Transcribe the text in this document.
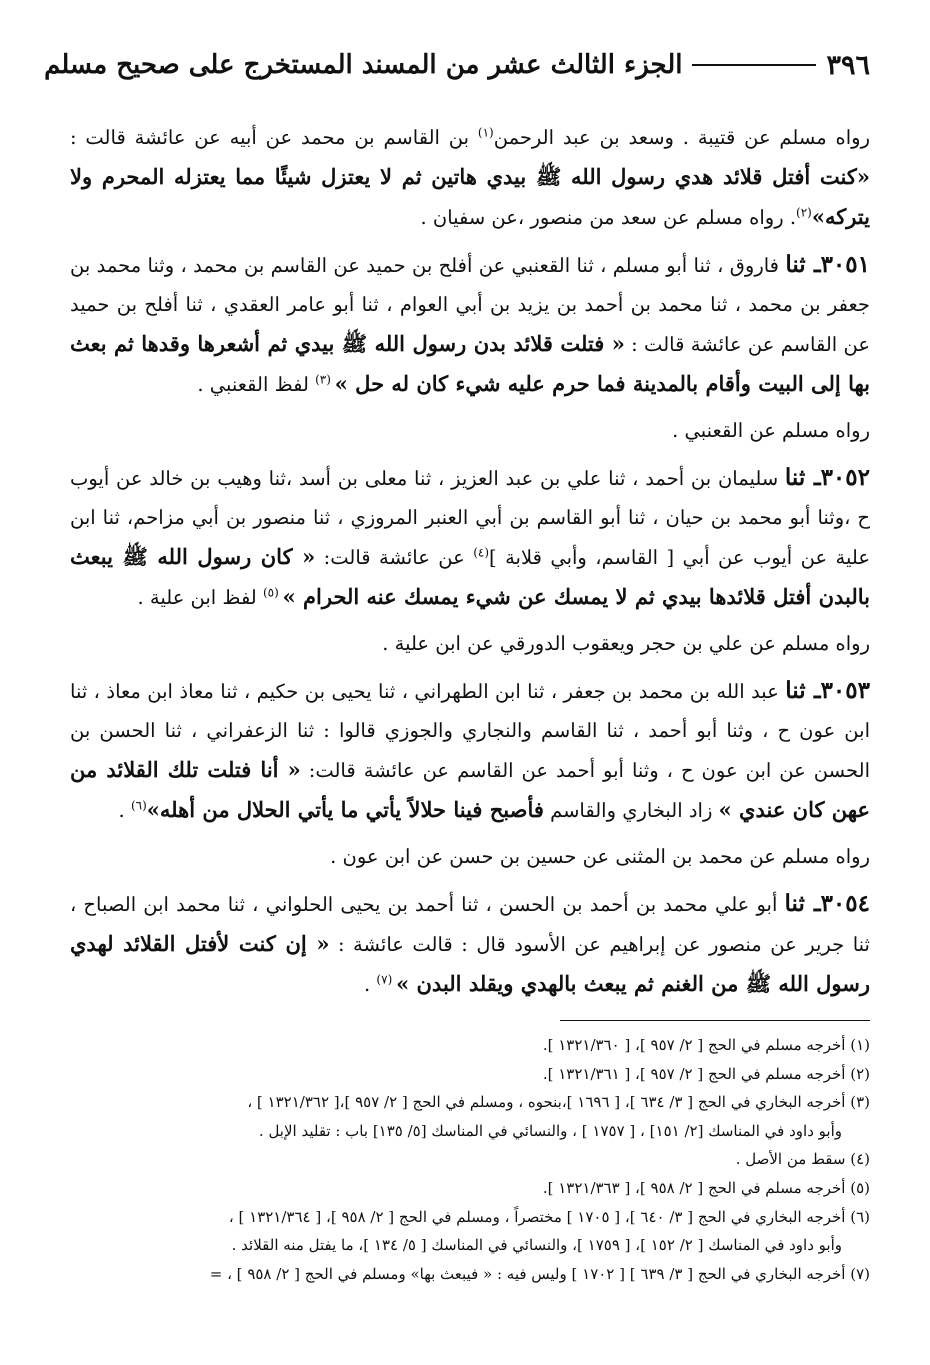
٣٩٦
الجزء الثالث عشر من المسند المستخرج على صحيح مسلم

رواه مسلم عن قتيبة . وسعد بن عبد الرحمن$^{(١)}$ بن القاسم بن محمد عن أبيه عن عائشة قالت : «كنت أفتل قلائد هدي رسول الله ﷺ بيدي هاتين ثم لا يعتزل شيئًا مما يعتزله المحرم ولا يتركه»$^{(٢)}$. رواه مسلم عن سعد من منصور ،عن سفيان .

٣٠٥١ـ ثنا فاروق ، ثنا أبو مسلم ، ثنا القعنبي عن أفلح بن حميد عن القاسم بن محمد ، وثنا محمد بن جعفر بن محمد ، ثنا محمد بن أحمد بن يزيد بن أبي العوام ، ثنا أبو عامر العقدي ، ثنا أفلح بن حميد عن القاسم عن عائشة قالت : « فتلت قلائد بدن رسول الله ﷺ بيدي ثم أشعرها وقدها ثم بعث بها إلى البيت وأقام بالمدينة فما حرم عليه شيء كان له حل » $^{(٣)}$ لفظ القعنبي .

رواه مسلم عن القعنبي .

٣٠٥٢ـ ثنا سليمان بن أحمد ، ثنا علي بن عبد العزيز ، ثنا معلى بن أسد ،ثنا وهيب بن خالد عن أيوب ح ،وثنا أبو محمد بن حيان ، ثنا أبو القاسم بن أبي العنبر المروزي ، ثنا منصور بن أبي مزاحم، ثنا ابن علية عن أيوب عن أبي [ القاسم، وأبي قلابة ]$^{(٤)}$ عن عائشة قالت: « كان رسول الله ﷺ يبعث بالبدن أفتل قلائدها بيدي ثم لا يمسك عن شيء يمسك عنه الحرام » $^{(٥)}$ لفظ ابن علية .

رواه مسلم عن علي بن حجر ويعقوب الدورقي عن ابن علية .

٣٠٥٣ـ ثنا عبد الله بن محمد بن جعفر ، ثنا ابن الطهراني ، ثنا يحيى بن حكيم ، ثنا معاذ ابن معاذ ، ثنا ابن عون ح ، وثنا أبو أحمد ، ثنا القاسم والنجاري والجوزي قالوا : ثنا الزعفراني ، ثنا الحسن بن الحسن عن ابن عون ح ، وثنا أبو أحمد عن القاسم عن عائشة قالت: « أنا فتلت تلك القلائد من عهن كان عندي » زاد البخاري والقاسم فأصبح فينا حلالاً يأتي ما يأتي الحلال من أهله»$^{(٦)}$ .

رواه مسلم عن محمد بن المثنى عن حسين بن حسن عن ابن عون .

٣٠٥٤ـ ثنا أبو علي محمد بن أحمد بن الحسن ، ثنا أحمد بن يحيى الحلواني ، ثنا محمد ابن الصباح ، ثنا جرير عن منصور عن إبراهيم عن الأسود قال : قالت عائشة : « إن كنت لأفتل القلائد لهدي رسول الله ﷺ من الغنم ثم يبعث بالهدي ويقلد البدن » $^{(٧)}$ .

(١) أخرجه مسلم في الحج [ ٢/ ٩٥٧ ]، [ ١٣٢١/٣٦٠ ].

(٢) أخرجه مسلم في الحج [ ٢/ ٩٥٧ ]، [ ١٣٢١/٣٦١ ].

(٣) أخرجه البخاري في الحج [ ٣/ ٦٣٤ ]، [ ١٦٩٦ ]،بنحوه ، ومسلم في الحج [ ٢/ ٩٥٧ ]،[ ١٣٢١/٣٦٢ ] ،

وأبو داود في المناسك [٢/ ١٥١] ، [ ١٧٥٧ ] ، والنسائي في المناسك [٥/ ١٣٥] باب : تقليد الإبل .

(٤) سقط من الأصل .

(٥) أخرجه مسلم في الحج [ ٢/ ٩٥٨ ]، [ ١٣٢١/٣٦٣ ].

(٦) أخرجه البخاري في الحج [ ٣/ ٦٤٠ ]، [ ١٧٠٥ ] مختصراً ، ومسلم في الحج [ ٢/ ٩٥٨ ]، [ ١٣٢١/٣٦٤ ] ،

وأبو داود في المناسك [ ٢/ ١٥٢ ]، [ ١٧٥٩ ]، والنسائي في المناسك [ ٥/ ١٣٤ ]، ما يفتل منه القلائد .

(٧) أخرجه البخاري في الحج [ ٣/ ٦٣٩ ] [ ١٧٠٢ ] وليس فيه : « فيبعث بها» ومسلم في الحج [ ٢/ ٩٥٨ ] ، =
